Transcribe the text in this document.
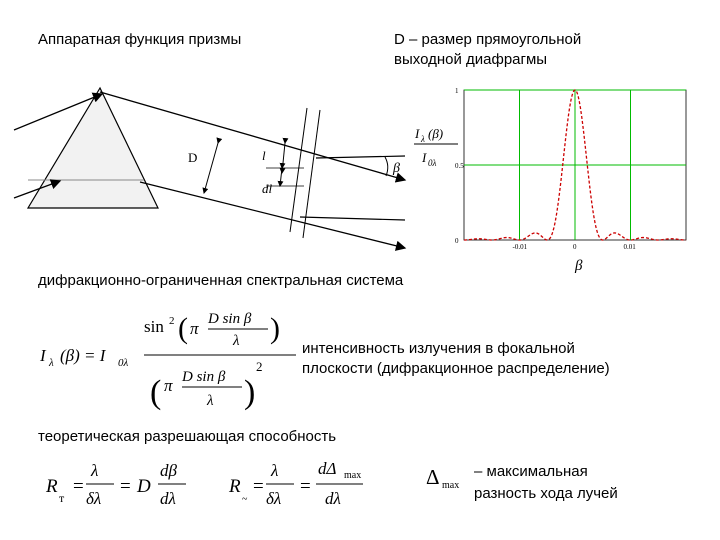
Аппаратная функция призмы	D – размер прямоугольной
выходной диафрагмы
дифракционно-ограниченная спектральная система
интенсивность излучения в фокальной
плоскости (дифракционное распределение)
теоретическая разрешающая способность
– максимальная
разность хода лучей
D	l
dl
β
I λ (β)
I 0λ
-0.01	0	0.01
0
0.5
1
β
I λ (β) = I 0λ
sin 2 ( π D sin β
λ )
( π D sin β
λ )
2
R
т
=
λ
δλ
= D
dβ
dλ
R
~
=
λ
δλ
=
dΔ max
dλ
Δ max
